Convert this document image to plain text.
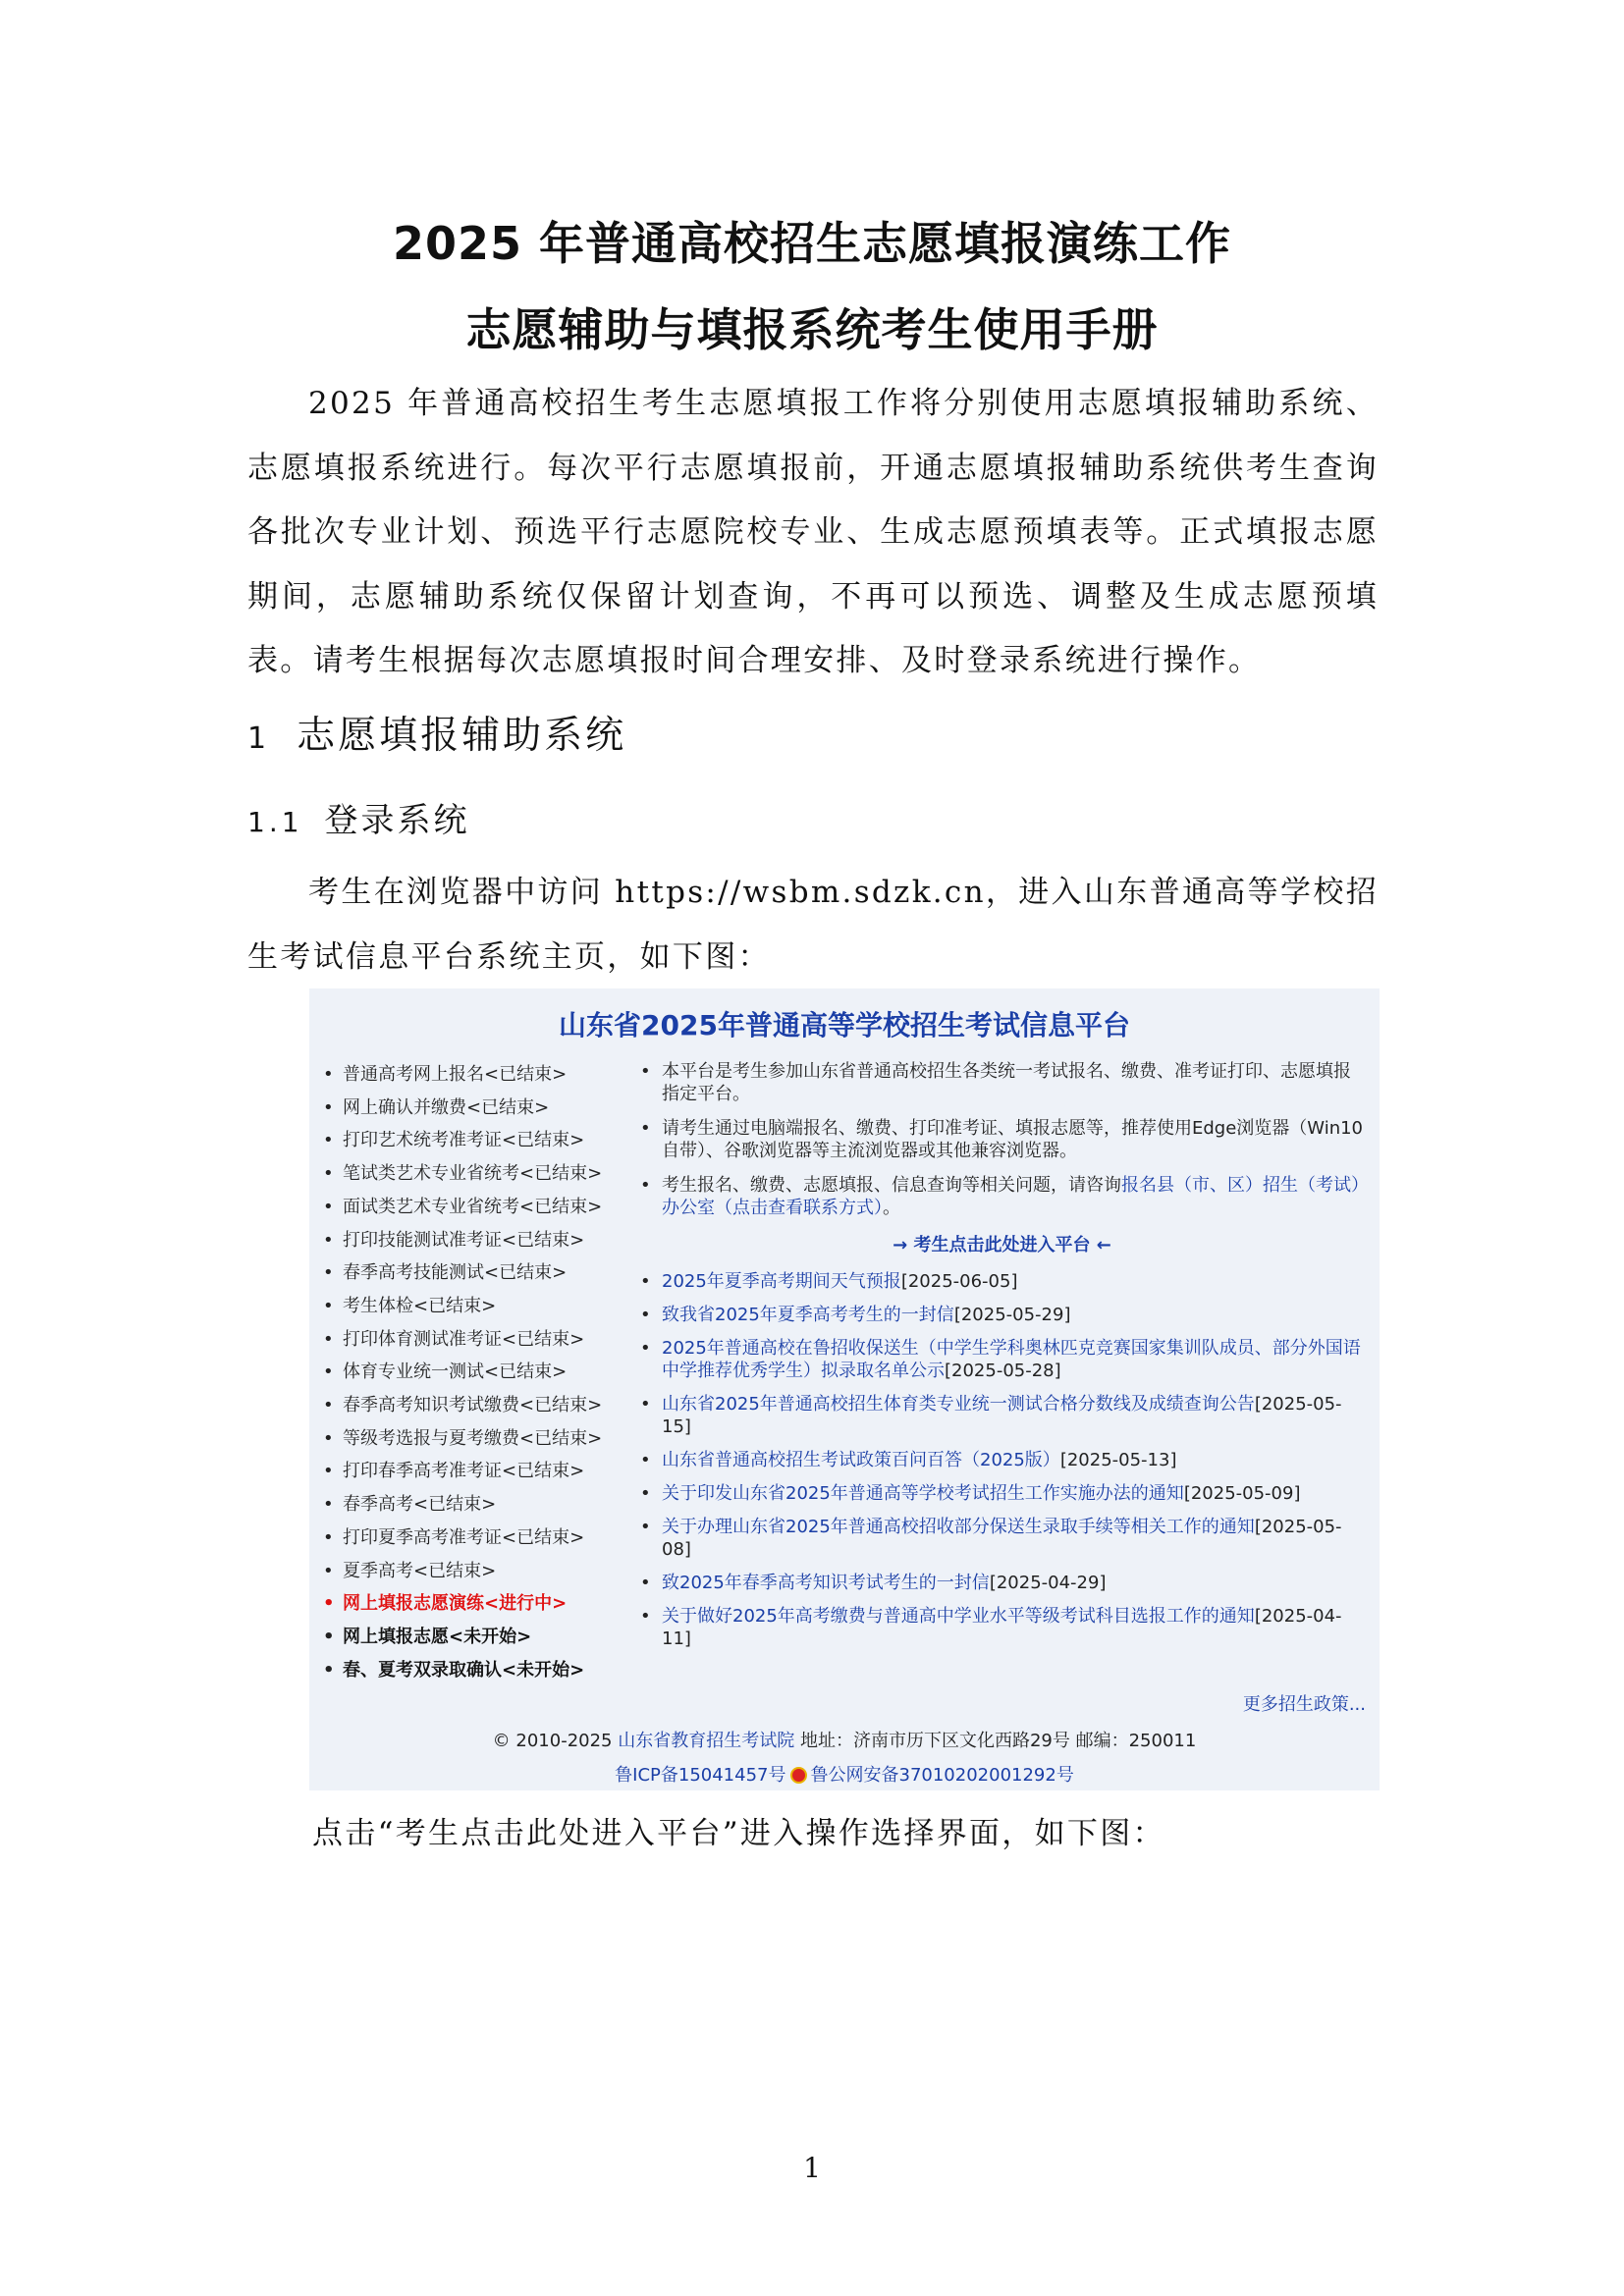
2025 年普通高校招生志愿填报演练工作
志愿辅助与填报系统考生使用手册

2025 年普通高校招生考生志愿填报工作将分别使用志愿填报辅助系统、志愿填报系统进行。每次平行志愿填报前，开通志愿填报辅助系统供考生查询各批次专业计划、预选平行志愿院校专业、生成志愿预填表等。正式填报志愿期间，志愿辅助系统仅保留计划查询，不再可以预选、调整及生成志愿预填表。请考生根据每次志愿填报时间合理安排、及时登录系统进行操作。

1 志愿填报辅助系统
1.1 登录系统

考生在浏览器中访问 https://wsbm.sdzk.cn，进入山东普通高等学校招生考试信息平台系统主页，如下图：

山东省2025年普通高等学校招生考试信息平台
• 普通高考网上报名<已结束>
• 网上确认并缴费<已结束>
• 打印艺术统考准考证<已结束>
• 笔试类艺术专业省统考<已结束>
• 面试类艺术专业省统考<已结束>
• 打印技能测试准考证<已结束>
• 春季高考技能测试<已结束>
• 考生体检<已结束>
• 打印体育测试准考证<已结束>
• 体育专业统一测试<已结束>
• 春季高考知识考试缴费<已结束>
• 等级考选报与夏考缴费<已结束>
• 打印春季高考准考证<已结束>
• 春季高考<已结束>
• 打印夏季高考准考证<已结束>
• 夏季高考<已结束>
• 网上填报志愿演练<进行中>
• 网上填报志愿<未开始>
• 春、夏考双录取确认<未开始>
• 本平台是考生参加山东省普通高校招生各类统一考试报名、缴费、准考证打印、志愿填报指定平台。
• 请考生通过电脑端报名、缴费、打印准考证、填报志愿等，推荐使用Edge浏览器（Win10自带）、谷歌浏览器等主流浏览器或其他兼容浏览器。
• 考生报名、缴费、志愿填报、信息查询等相关问题，请咨询报名县（市、区）招生（考试）办公室（点击查看联系方式）。
→ 考生点击此处进入平台 ←
• 2025年夏季高考期间天气预报[2025-06-05]
• 致我省2025年夏季高考考生的一封信[2025-05-29]
• 2025年普通高校在鲁招收保送生（中学生学科奥林匹克竞赛国家集训队成员、部分外国语中学推荐优秀学生）拟录取名单公示[2025-05-28]
• 山东省2025年普通高校招生体育类专业统一测试合格分数线及成绩查询公告[2025-05-15]
• 山东省普通高校招生考试政策百问百答（2025版）[2025-05-13]
• 关于印发山东省2025年普通高等学校考试招生工作实施办法的通知[2025-05-09]
• 关于办理山东省2025年普通高校招收部分保送生录取手续等相关工作的通知[2025-05-08]
• 致2025年春季高考知识考试考生的一封信[2025-04-29]
• 关于做好2025年高考缴费与普通高中学业水平等级考试科目选报工作的通知[2025-04-11]
更多招生政策...
© 2010-2025 山东省教育招生考试院 地址：济南市历下区文化西路29号 邮编：250011
鲁ICP备15041457号 鲁公网安备37010202001292号
点击“考生点击此处进入平台”进入操作选择界面，如下图：
1
